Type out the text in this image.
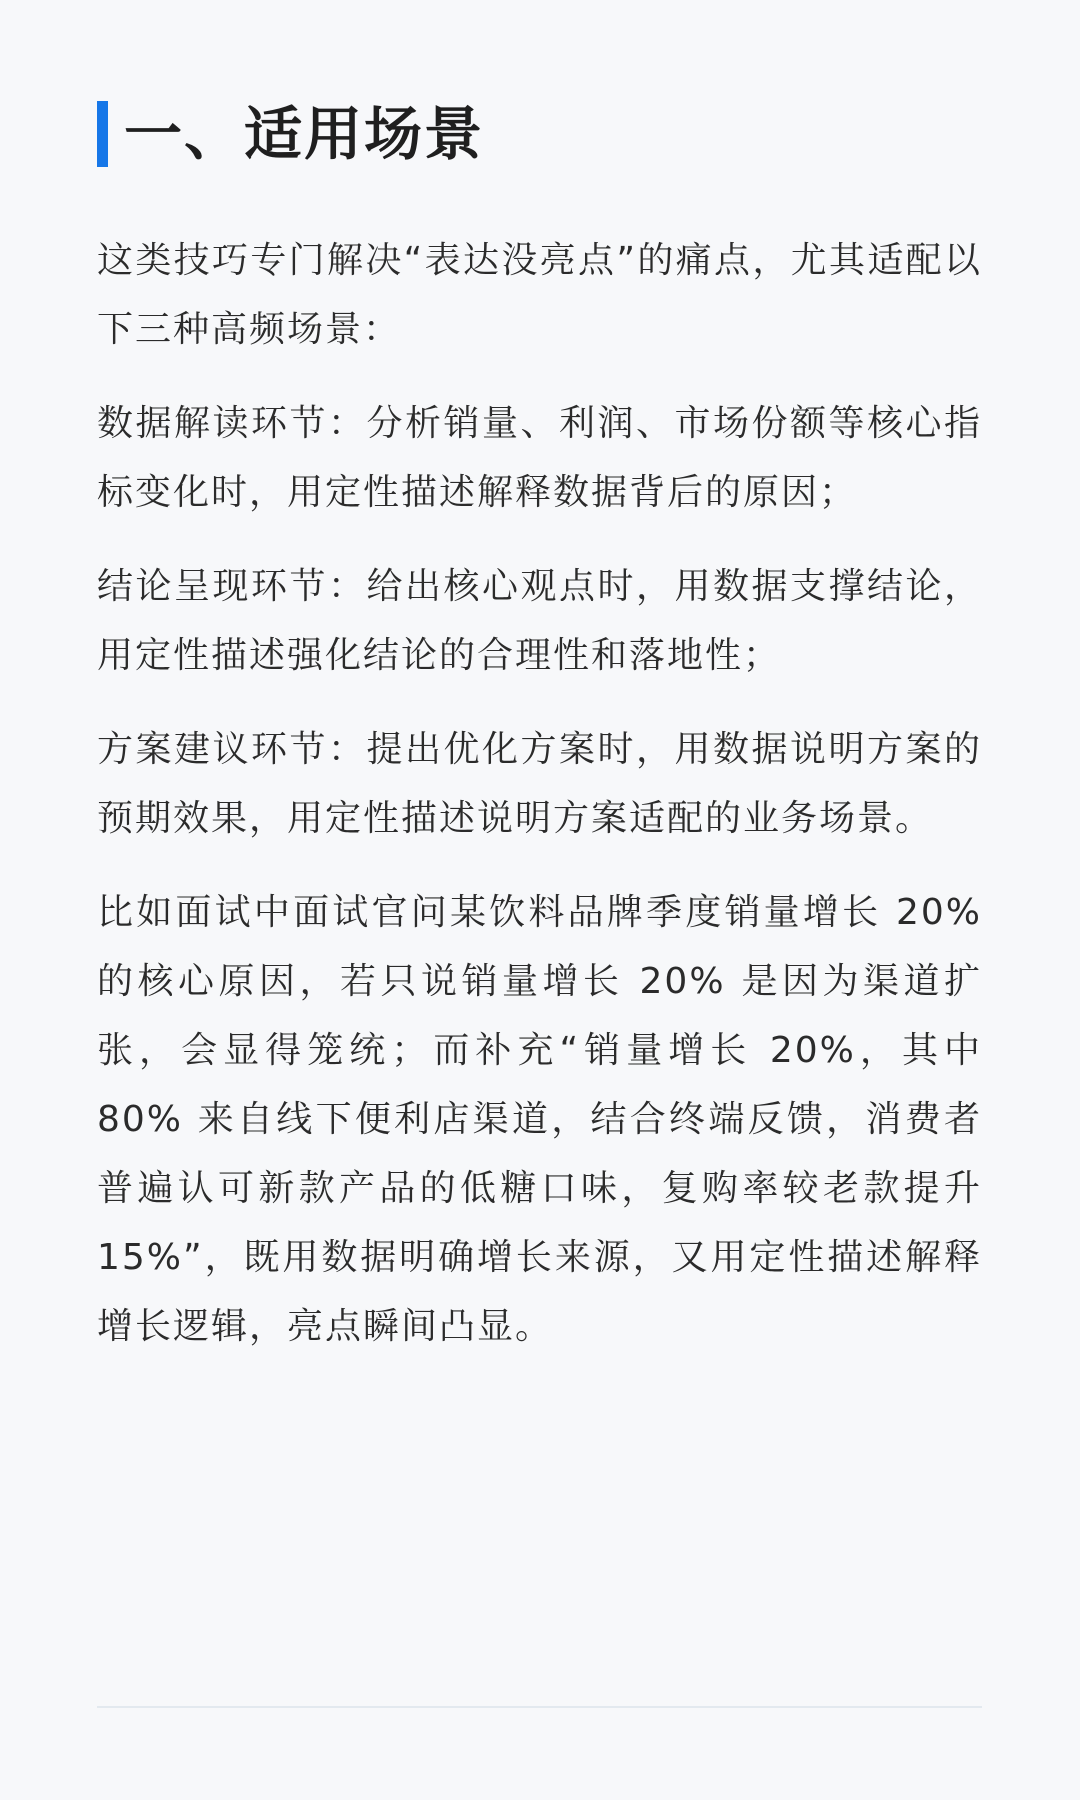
一、适用场景

这类技巧专门解决“表达没亮点”的痛点，尤其适配以下三种高频场景：

数据解读环节：分析销量、利润、市场份额等核心指标变化时，用定性描述解释数据背后的原因；

结论呈现环节：给出核心观点时，用数据支撑结论，用定性描述强化结论的合理性和落地性；

方案建议环节：提出优化方案时，用数据说明方案的预期效果，用定性描述说明方案适配的业务场景。

比如面试中面试官问某饮料品牌季度销量增长 20% 的核心原因，若只说销量增长 20% 是因为渠道扩张，会显得笼统；而补充“销量增长 20%，其中 80% 来自线下便利店渠道，结合终端反馈，消费者普遍认可新款产品的低糖口味，复购率较老款提升 15%”，既用数据明确增长来源，又用定性描述解释增长逻辑，亮点瞬间凸显。
